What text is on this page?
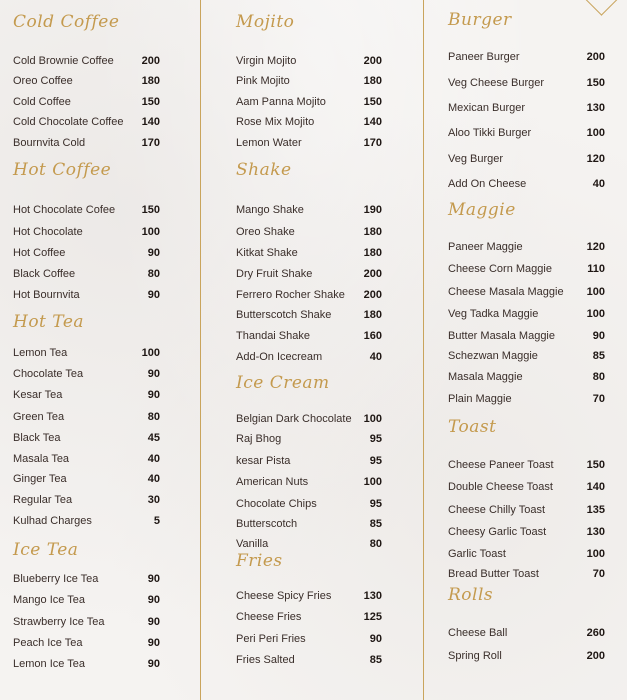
Cold Coffee
Cold Brownie Coffee	200
Oreo Coffee	180
Cold Coffee	150
Cold Chocolate Coffee	140
Bournvita Cold	170
Hot Coffee
Hot Chocolate Cofee	150
Hot Chocolate	100
Hot Coffee	90
Black Coffee	80
Hot Bournvita	90
Hot Tea
Lemon Tea	100
Chocolate Tea	90
Kesar Tea	90
Green Tea	80
Black Tea	45
Masala Tea	40
Ginger Tea	40
Regular Tea	30
Kulhad Charges	5
Ice Tea
Blueberry Ice Tea	90
Mango Ice Tea	90
Strawberry Ice Tea	90
Peach Ice Tea	90
Lemon Ice Tea	90
Mojito
Virgin Mojito	200
Pink Mojito	180
Aam Panna Mojito	150
Rose Mix Mojito	140
Lemon Water	170
Shake
Mango Shake	190
Oreo Shake	180
Kitkat Shake	180
Dry Fruit Shake	200
Ferrero Rocher Shake	200
Butterscotch Shake	180
Thandai Shake	160
Add-On Icecream	40
Ice Cream
Belgian Dark Chocolate	100
Raj Bhog	95
kesar Pista	95
American Nuts	100
Chocolate Chips	95
Butterscotch	85
Vanilla	80
Fries
Cheese Spicy Fries	130
Cheese Fries	125
Peri Peri Fries	90
Fries Salted	85
Burger
Paneer Burger	200
Veg Cheese Burger	150
Mexican Burger	130
Aloo Tikki Burger	100
Veg Burger	120
Add On Cheese	40
Maggie
Paneer Maggie	120
Cheese Corn Maggie	110
Cheese Masala Maggie	100
Veg Tadka Maggie	100
Butter Masala Maggie	90
Schezwan Maggie	85
Masala Maggie	80
Plain Maggie	70
Toast
Cheese Paneer Toast	150
Double Cheese Toast	140
Cheese Chilly Toast	135
Cheesy Garlic Toast	130
Garlic Toast	100
Bread Butter Toast	70
Rolls
Cheese Ball	260
Spring Roll	200
